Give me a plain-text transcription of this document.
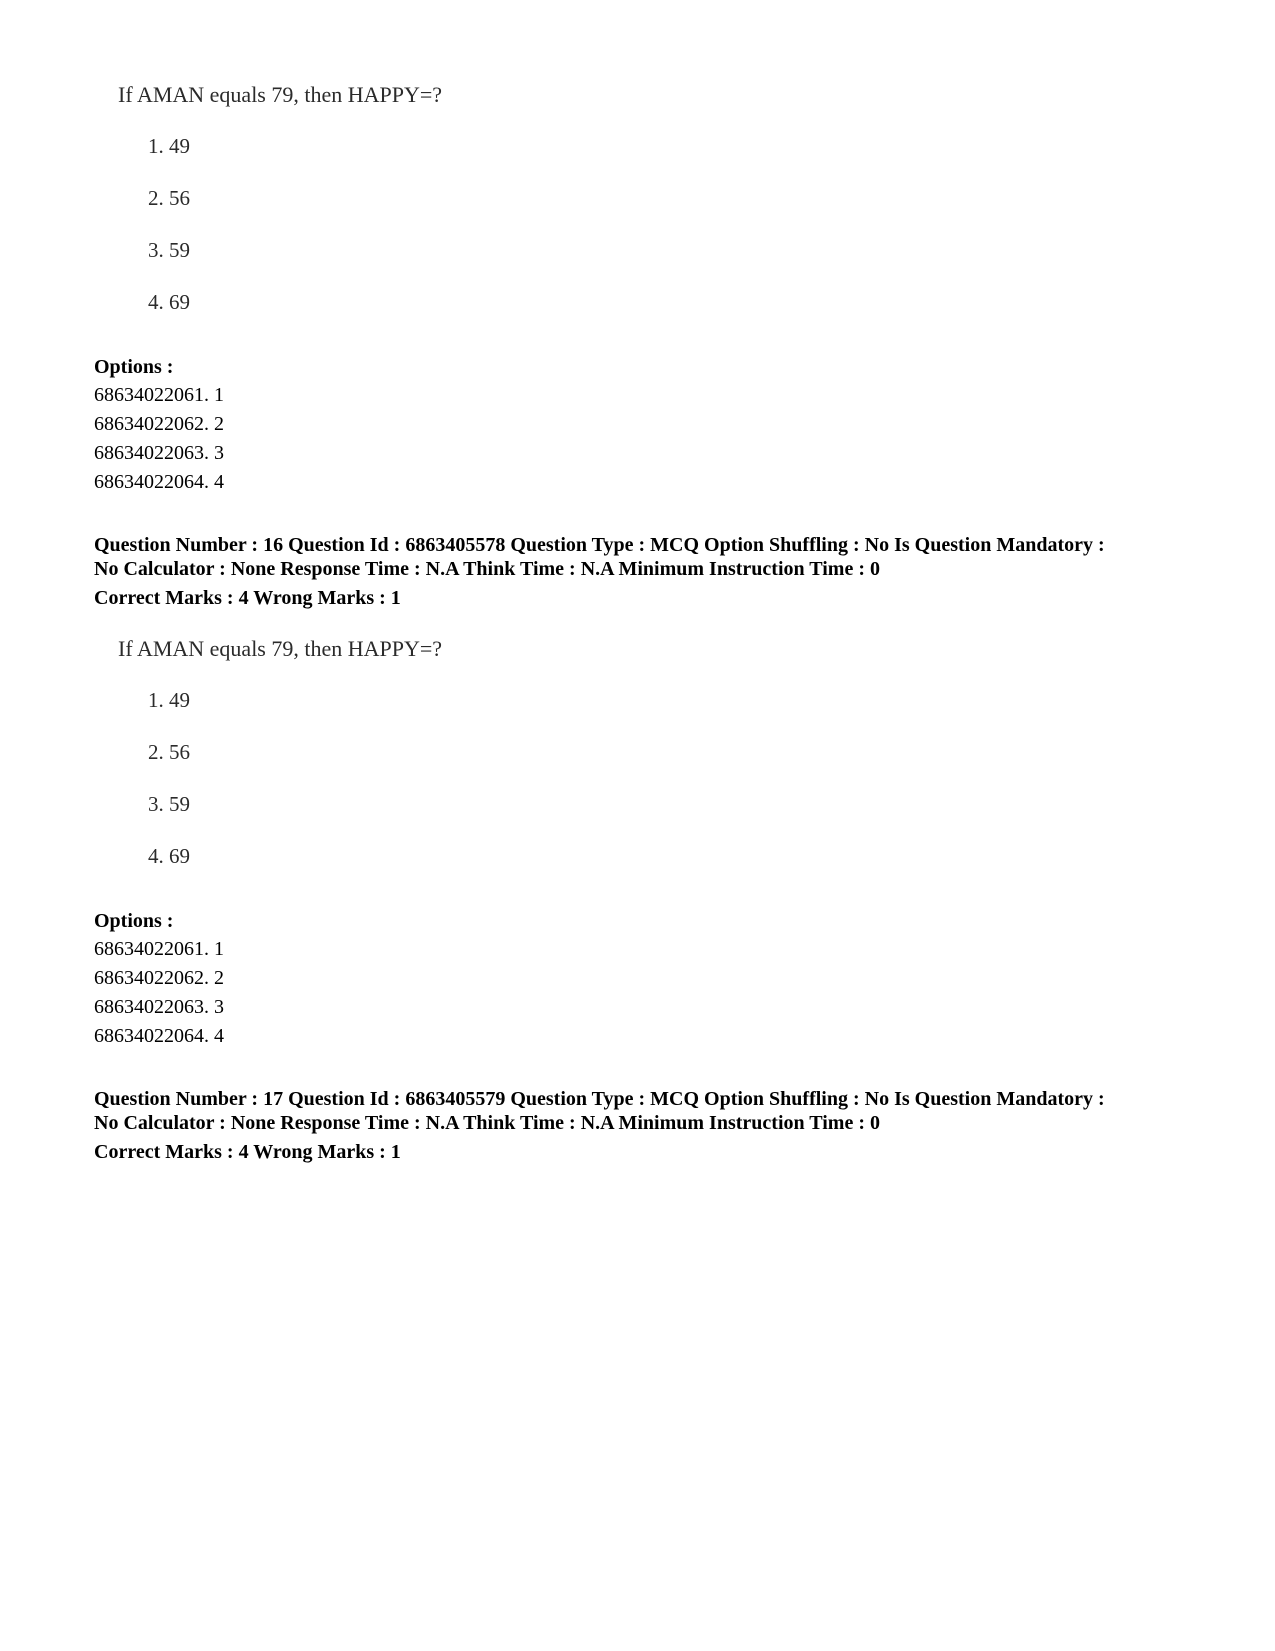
If AMAN equals 79, then HAPPY=?
1. 49
2. 56
3. 59
4. 69
Options :
68634022061. 1
68634022062. 2
68634022063. 3
68634022064. 4
Question Number : 16 Question Id : 6863405578 Question Type : MCQ Option Shuffling : No Is Question Mandatory :
No Calculator : None Response Time : N.A Think Time : N.A Minimum Instruction Time : 0
Correct Marks : 4 Wrong Marks : 1
If AMAN equals 79, then HAPPY=?
1. 49
2. 56
3. 59
4. 69
Options :
68634022061. 1
68634022062. 2
68634022063. 3
68634022064. 4
Question Number : 17 Question Id : 6863405579 Question Type : MCQ Option Shuffling : No Is Question Mandatory :
No Calculator : None Response Time : N.A Think Time : N.A Minimum Instruction Time : 0
Correct Marks : 4 Wrong Marks : 1
